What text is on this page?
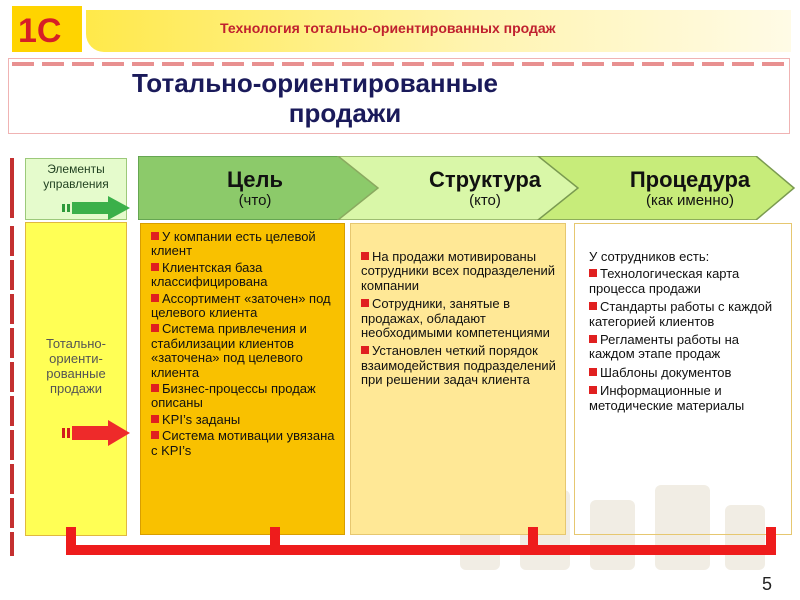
1С	Технология тотально-ориентированных продаж
Тотально-ориентированные
продажи
Элементы управления
Тотально-ориенти-рованные продажи
Цель
(что)
Структура
(кто)
Процедура
(как именно)
У компании есть целевой клиент
Клиентская база классифицирована
Ассортимент «заточен» под целевого клиента
Система привлечения и стабилизации клиентов «заточена» под целевого клиента
Бизнес-процессы продаж описаны
KPI’s заданы
Система мотивации увязана с KPI’s
На продажи мотивированы сотрудники всех подразделений компании
Сотрудники, занятые в продажах, обладают необходимыми компетенциями
Установлен четкий порядок взаимодействия подразделений при решении задач клиента
У сотрудников есть:
Технологическая карта процесса продажи
Стандарты работы с каждой категорией клиентов
Регламенты работы на каждом этапе продаж
Шаблоны документов
Информационные и методические материалы
5
